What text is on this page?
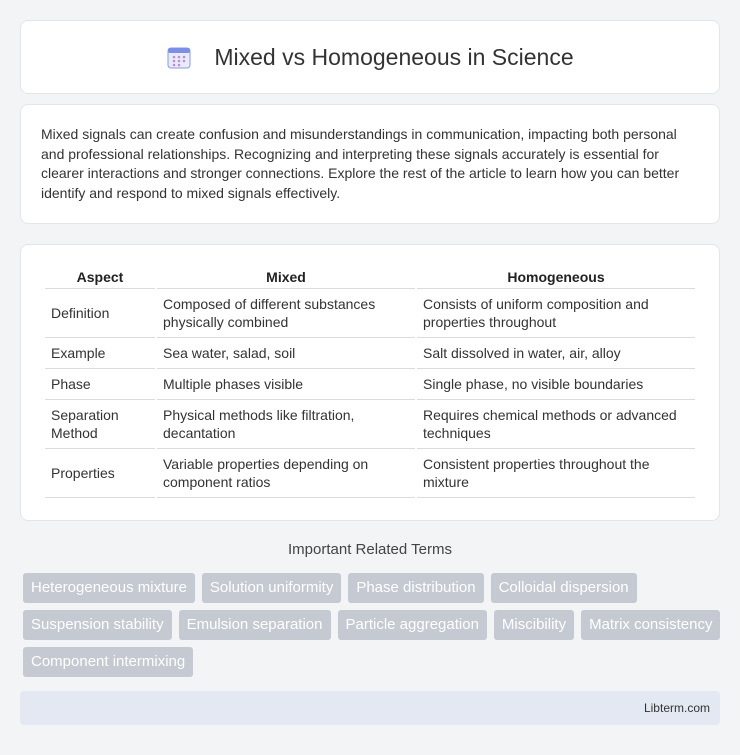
Mixed vs Homogeneous in Science

Mixed signals can create confusion and misunderstandings in communication, impacting both personal and professional relationships. Recognizing and interpreting these signals accurately is essential for clearer interactions and stronger connections. Explore the rest of the article to learn how you can better identify and respond to mixed signals effectively.

Aspect	Mixed	Homogeneous
Definition	Composed of different substances physically combined	Consists of uniform composition and properties throughout
Example	Sea water, salad, soil	Salt dissolved in water, air, alloy
Phase	Multiple phases visible	Single phase, no visible boundaries
Separation Method	Physical methods like filtration, decantation	Requires chemical methods or advanced techniques
Properties	Variable properties depending on component ratios	Consistent properties throughout the mixture
Important Related Terms
Heterogeneous mixture	Solution uniformity	Phase distribution	Colloidal dispersion
Suspension stability	Emulsion separation	Particle aggregation	Miscibility	Matrix consistency
Component intermixing
Libterm.com
